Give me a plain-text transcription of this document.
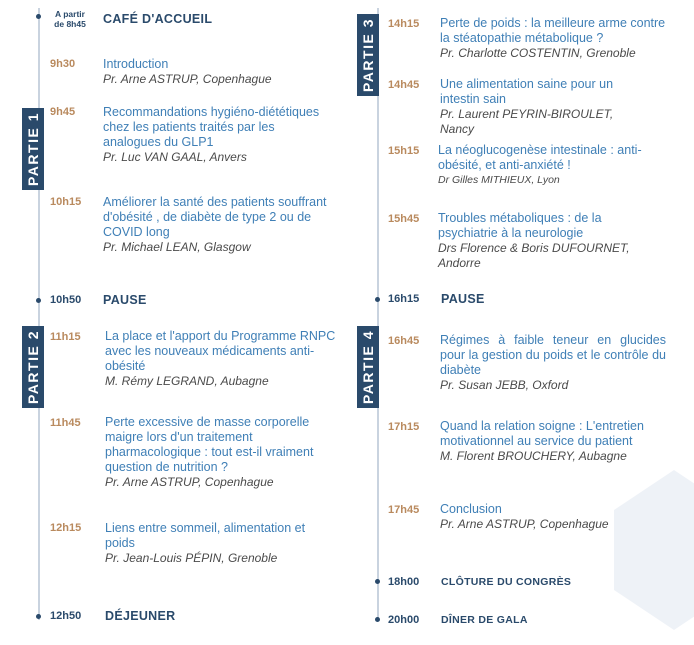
PARTIE 1
PARTIE 2
A partir
de 8h45	CAFÉ D'ACCUEIL
9h30 Introduction
Pr. Arne ASTRUP, Copenhague
9h45 Recommandations hygiéno-diététiques chez les patients traités par les analogues du GLP1
Pr. Luc VAN GAAL, Anvers
10h15 Améliorer la santé des patients souffrant d'obésité , de diabète de type 2 ou de COVID long
Pr. Michael LEAN, Glasgow
10h50 PAUSE
11h15 La place et l'apport du Programme RNPC avec les nouveaux médicaments anti-obésité
M. Rémy LEGRAND, Aubagne
11h45 Perte excessive de masse corporelle maigre lors d'un traitement pharmacologique : tout est-il vraiment question de nutrition ?
Pr. Arne ASTRUP, Copenhague
12h15 Liens entre sommeil, alimentation et poids
Pr. Jean-Louis PÉPIN, Grenoble
12h50 DÉJEUNER
PARTIE 3
PARTIE 4
14h15 Perte de poids : la meilleure arme contre la stéatopathie métabolique ?
Pr. Charlotte COSTENTIN, Grenoble
14h45 Une alimentation saine pour un intestin sain
Pr. Laurent PEYRIN-BIROULET, Nancy
15h15 La néoglucogenèse intestinale : anti-obésité, et anti-anxiété !
Dr Gilles MITHIEUX, Lyon
15h45 Troubles métaboliques : de la psychiatrie à la neurologie
Drs Florence & Boris DUFOURNET, Andorre
16h15 PAUSE
16h45 Régimes à faible teneur en glucides pour la gestion du poids et le contrôle du diabète
Pr. Susan JEBB, Oxford
17h15 Quand la relation soigne : L'entretien motivationnel au service du patient
M. Florent BROUCHERY, Aubagne
17h45 Conclusion
Pr. Arne ASTRUP, Copenhague
18h00 CLÔTURE DU CONGRÈS
20h00 DÎNER DE GALA
